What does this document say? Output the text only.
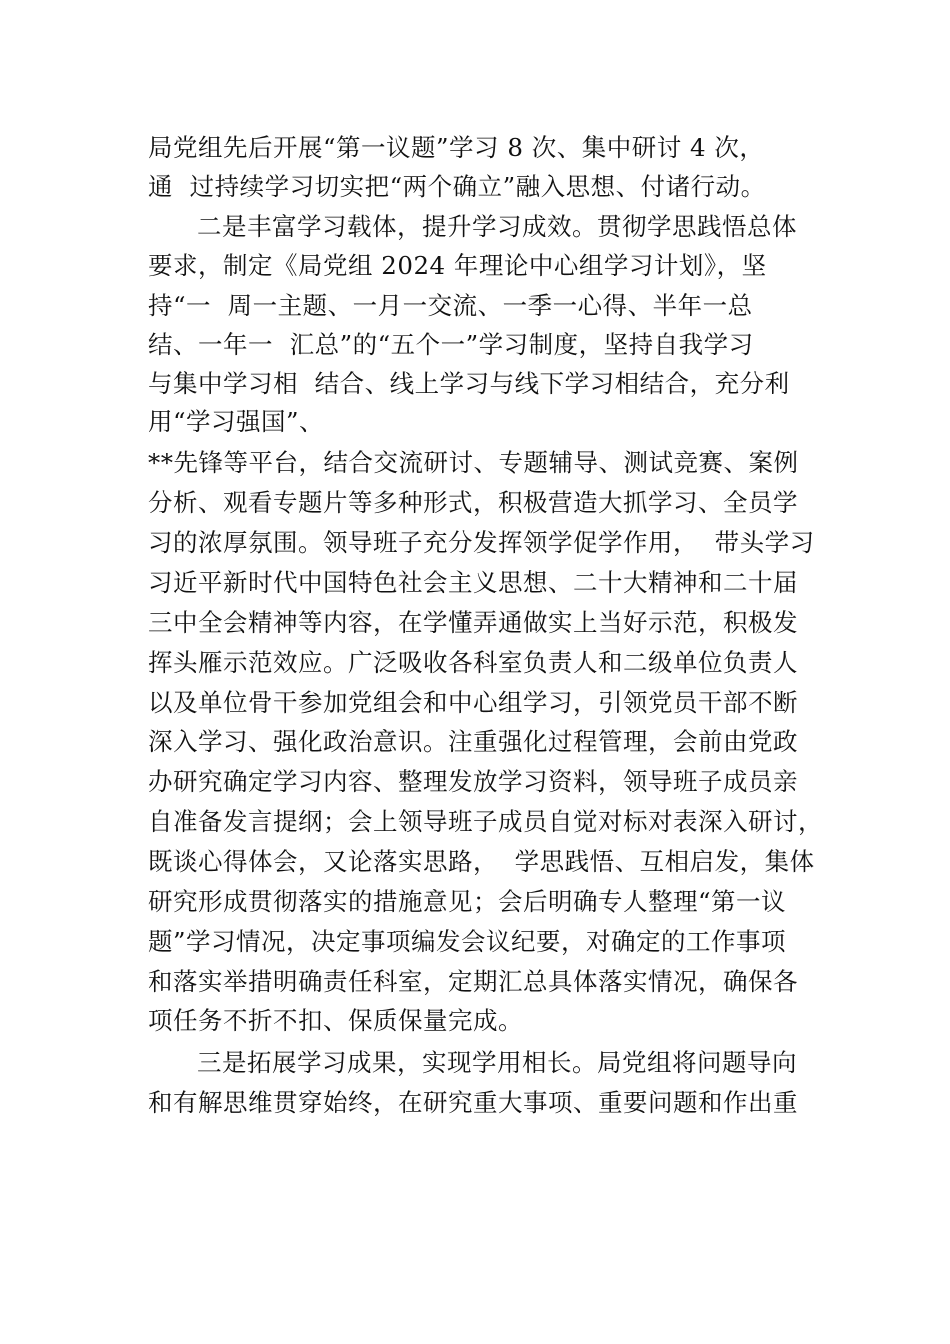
局党组先后开展“第一议题”学习 8 次、集中研讨 4 次，
通  过持续学习切实把“两个确立”融入思想、付诸行动。
二是丰富学习载体，提升学习成效。贯彻学思践悟总体
要求，制定《局党组 2024 年理论中心组学习计划》，坚
持“一  周一主题、一月一交流、一季一心得、半年一总
结、一年一  汇总”的“五个一”学习制度，坚持自我学习
与集中学习相  结合、线上学习与线下学习相结合，充分利
用“学习强国”、
**先锋等平台，结合交流研讨、专题辅导、测试竞赛、案例
分析、观看专题片等多种形式，积极营造大抓学习、全员学
习的浓厚氛围。领导班子充分发挥领学促学作用，  带头学习
习近平新时代中国特色社会主义思想、二十大精神和二十届
三中全会精神等内容，在学懂弄通做实上当好示范，积极发
挥头雁示范效应。广泛吸收各科室负责人和二级单位负责人
以及单位骨干参加党组会和中心组学习，引领党员干部不断
深入学习、强化政治意识。注重强化过程管理，会前由党政
办研究确定学习内容、整理发放学习资料，领导班子成员亲
自准备发言提纲；会上领导班子成员自觉对标对表深入研讨，
既谈心得体会，又论落实思路，  学思践悟、互相启发，集体
研究形成贯彻落实的措施意见；会后明确专人整理“第一议
题”学习情况，决定事项编发会议纪要，对确定的工作事项
和落实举措明确责任科室，定期汇总具体落实情况，确保各
项任务不折不扣、保质保量完成。
三是拓展学习成果，实现学用相长。局党组将问题导向
和有解思维贯穿始终，在研究重大事项、重要问题和作出重
